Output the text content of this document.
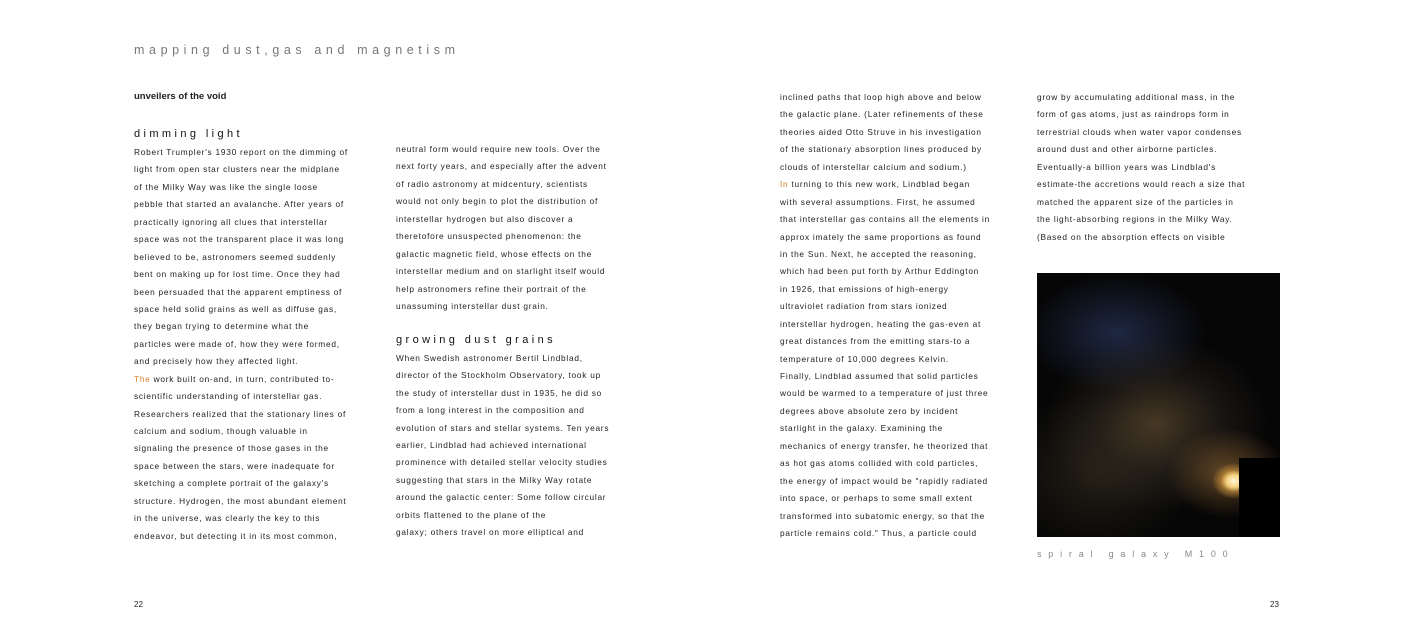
mapping dust,gas and magnetism
unveilers of the void
dimming light
Robert Trumpler's 1930 report on the dimming of
light from open star clusters near the midplane
of the Milky Way was like the single loose
pebble that started an avalanche. After years of
practically ignoring all clues that interstellar
space was not the transparent place it was long
believed to be, astronomers seemed suddenly
bent on making up for lost time. Once they had
been persuaded that the apparent emptiness of
space held solid grains as well as diffuse gas,
they began trying to determine what the
particles were made of, how they were formed,
and precisely how they affected light.
The work built on-and, in turn, contributed to-
scientific understanding of interstellar gas.
Researchers realized that the stationary lines of
calcium and sodium, though valuable in
signaling the presence of those gases in the
space between the stars, were inadequate for
sketching a complete portrait of the galaxy's
structure. Hydrogen, the most abundant element
in the universe, was clearly the key to this
endeavor, but detecting it in its most common,
neutral form would require new tools. Over the
next forty years, and especially after the advent
of radio astronomy at midcentury, scientists
would not only begin to plot the distribution of
interstellar hydrogen but also discover a
theretofore unsuspected phenomenon: the
galactic magnetic field, whose effects on the
interstellar medium and on starlight itself would
help astronomers refine their portrait of the
unassuming interstellar dust grain.
growing dust grains
When Swedish astronomer Bertil Lindblad,
director of the Stockholm Observatory, took up
the study of interstellar dust in 1935, he did so
from a long interest in the composition and
evolution of stars and stellar systems. Ten years
earlier, Lindblad had achieved international
prominence with detailed stellar velocity studies
suggesting that stars in the Milky Way rotate
around the galactic center: Some follow circular
orbits flattened to the plane of the
galaxy; others travel on more elliptical and
inclined paths that loop high above and below
the galactic plane. (Later refinements of these
theories aided Otto Struve in his investigation
of the stationary absorption lines produced by
clouds of interstellar calcium and sodium.)
In turning to this new work, Lindblad began
with several assumptions. First, he assumed
that interstellar gas contains all the elements in
approx imately the same proportions as found
in the Sun. Next, he accepted the reasoning,
which had been put forth by Arthur Eddington
in 1926, that emissions of high-energy
ultraviolet radiation from stars ionized
interstellar hydrogen, heating the gas-even at
great distances from the emitting stars-to a
temperature of 10,000 degrees Kelvin.
Finally, Lindblad assumed that solid particles
would be warmed to a temperature of just three
degrees above absolute zero by incident
starlight in the galaxy. Examining the
mechanics of energy transfer, he theorized that
as hot gas atoms collided with cold particles,
the energy of impact would be "rapidly radiated
into space, or perhaps to some small extent
transformed into subatomic energy, so that the
particle remains cold." Thus, a particle could
grow by accumulating additional mass, in the
form of gas atoms, just as raindrops form in
terrestrial clouds when water vapor condenses
around dust and other airborne particles.
Eventually-a billion years was Lindblad's
estimate-the accretions would reach a size that
matched the apparent size of the particles in
the light-absorbing regions in the Milky Way.
(Based on the absorption effects on visible
spiral galaxy M100
22	23
